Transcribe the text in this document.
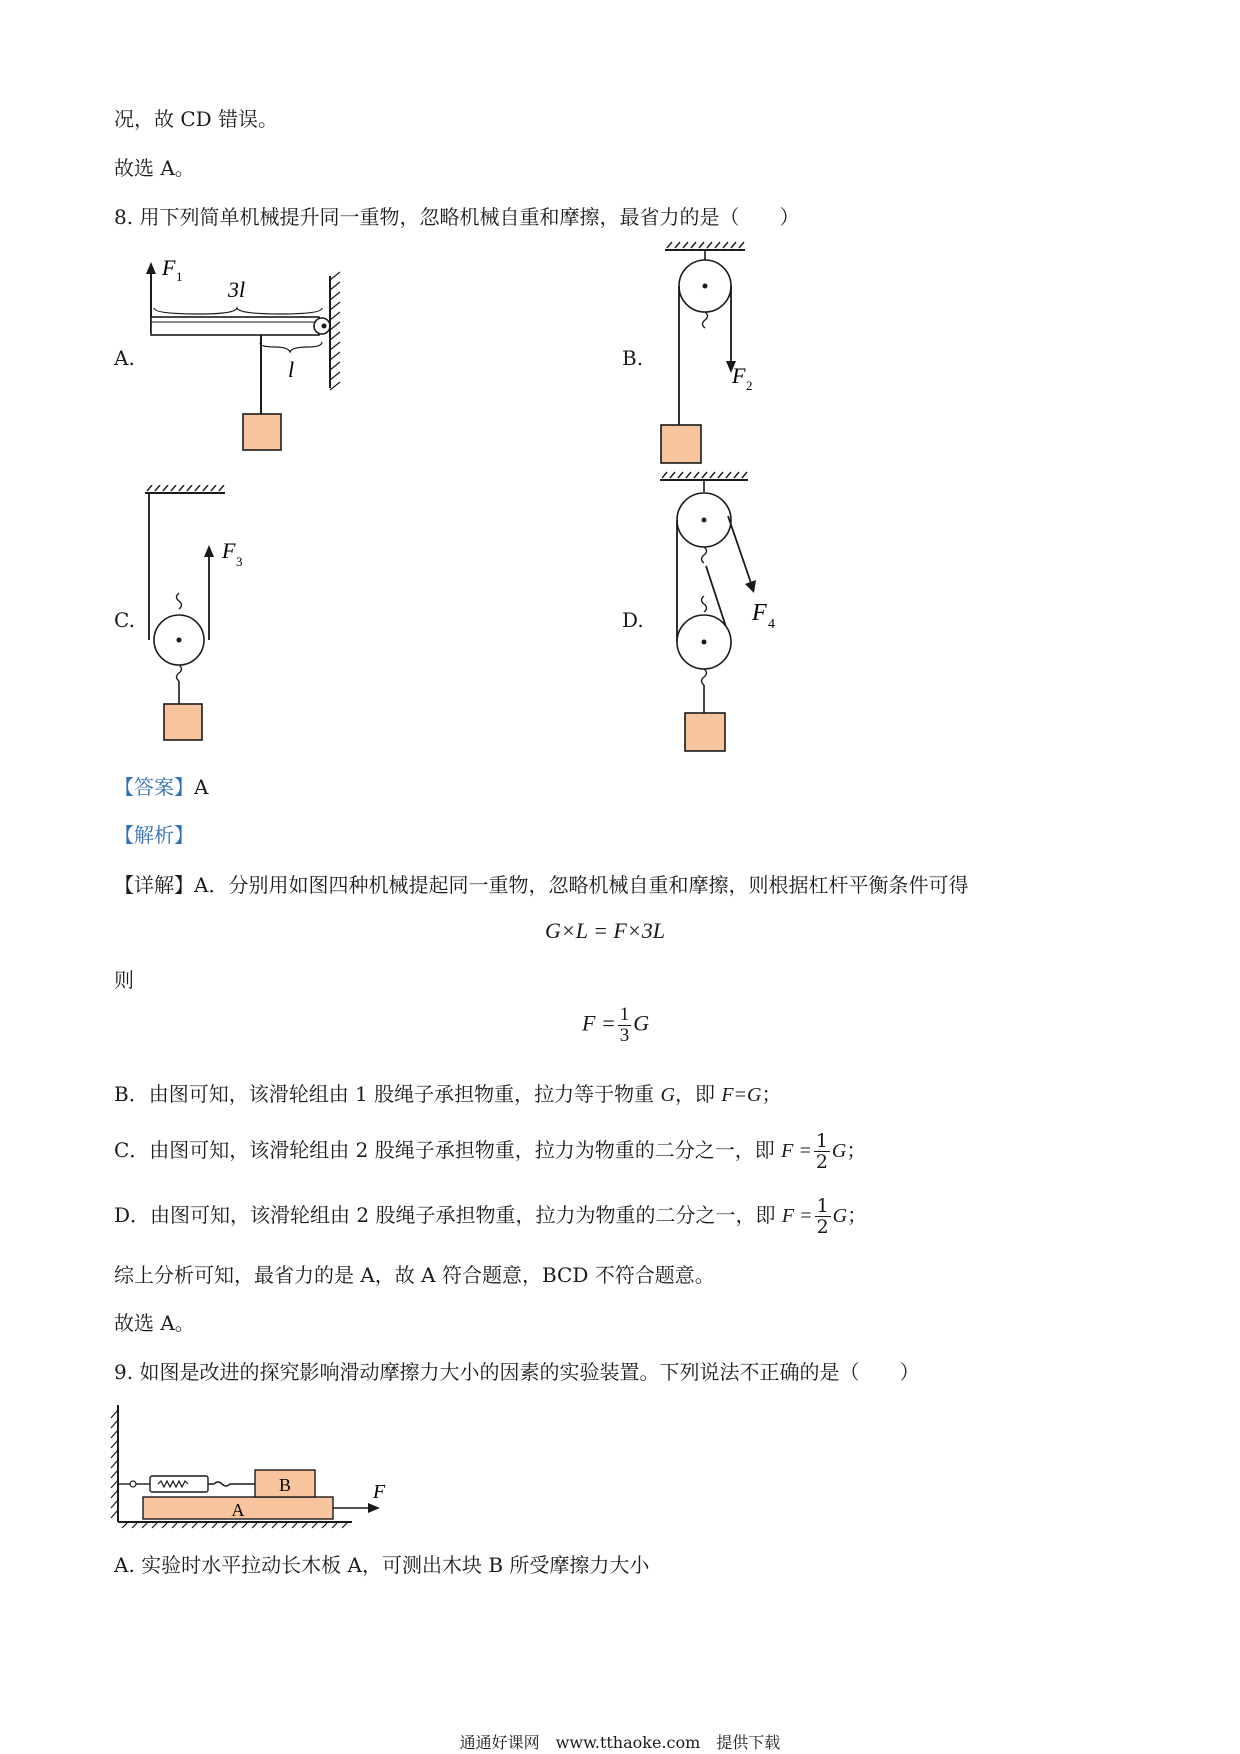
况，故 CD 错误。
故选 A。
8. 用下列简单机械提升同一重物，忽略机械自重和摩擦，最省力的是（　　）
A.	B.
C.	D.
F 1
3l
l	F 2
F 3
F 4
【答案】A
【解析】
【详解】A．分别用如图四种机械提起同一重物，忽略机械自重和摩擦，则根据杠杆平衡条件可得
G×L = F×3L
则
$F = \frac{1}{3}$ G
B．由图可知，该滑轮组由 1 股绳子承担物重，拉力等于物重 G，即 F=G；
C．由图可知，该滑轮组由 2 股绳子承担物重，拉力为物重的二分之一，即 $F = \frac{1}{2}$ G；
D．由图可知，该滑轮组由 2 股绳子承担物重，拉力为物重的二分之一，即 $F = \frac{1}{2}$ G；
综上分析可知，最省力的是 A，故 A 符合题意，BCD 不符合题意。
故选 A。
9. 如图是改进的探究影响滑动摩擦力大小的因素的实验装置。下列说法不正确的是（　　）
A
B	F
A. 实验时水平拉动长木板 A，可测出木块 B 所受摩擦力大小
通通好课网　www.tthaoke.com　提供下载
